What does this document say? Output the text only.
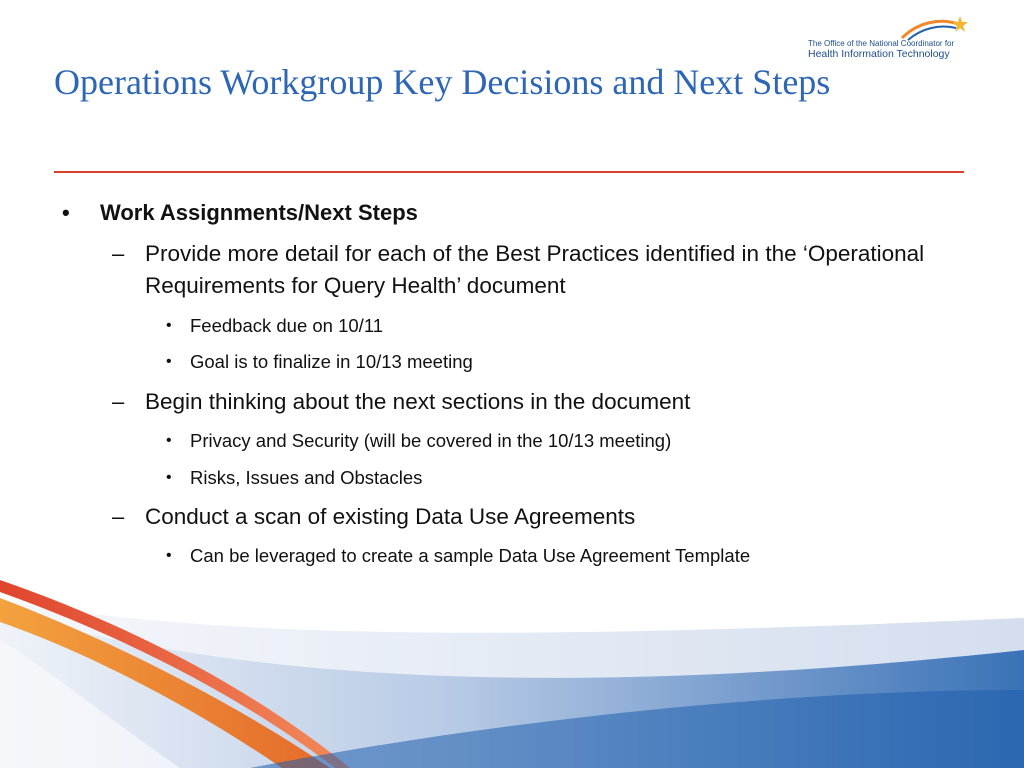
The Office of the National Coordinator for
Health Information Technology
Operations Workgroup Key Decisions and Next Steps
• Work Assignments/Next Steps
– Provide more detail for each of the Best Practices identified in the ‘Operational Requirements for Query Health’ document
• Feedback due on 10/11
• Goal is to finalize in 10/13 meeting
– Begin thinking about the next sections in the document
• Privacy and Security (will be covered in the 10/13 meeting)
• Risks, Issues and Obstacles
– Conduct a scan of existing Data Use Agreements
• Can be leveraged to create a sample Data Use Agreement Template
